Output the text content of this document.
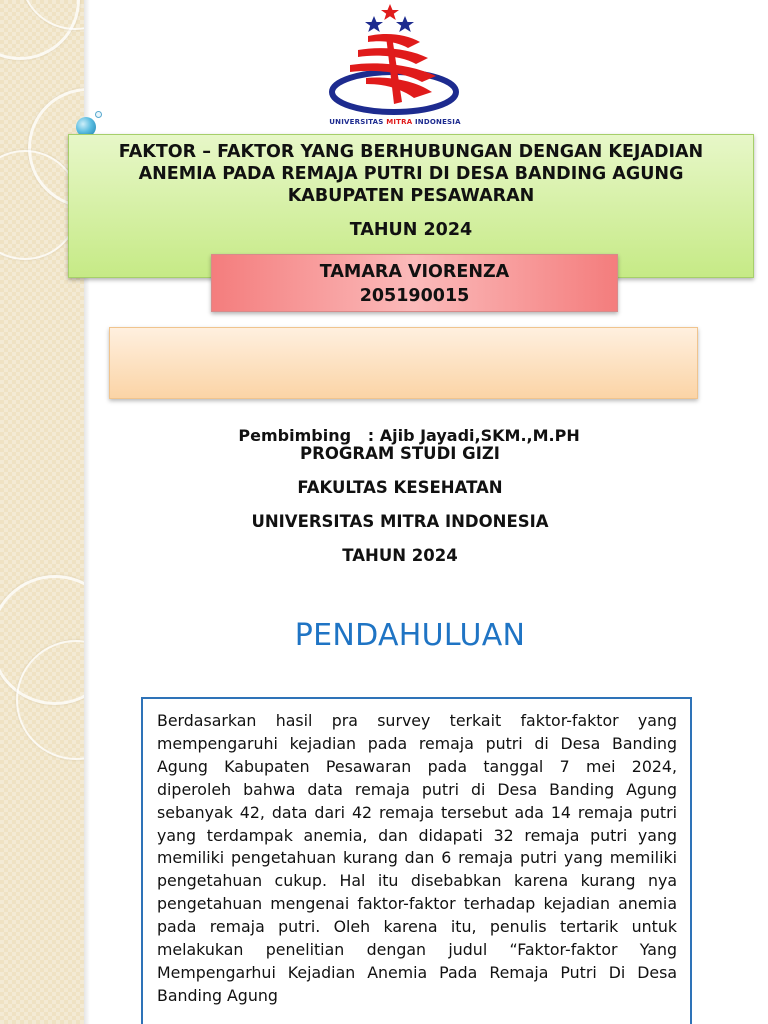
UNIVERSITAS MITRA INDONESIA
FAKTOR – FAKTOR YANG BERHUBUNGAN DENGAN KEJADIAN
ANEMIA PADA REMAJA PUTRI DI DESA BANDING AGUNG
KABUPATEN PESAWARAN
TAHUN 2024
TAMARA VIORENZA
205190015

Pembimbing   : Ajib Jayadi,SKM.,M.PH

PROGRAM STUDI GIZI
FAKULTAS KESEHATAN
UNIVERSITAS MITRA INDONESIA
TAHUN 2024
PENDAHULUAN

Berdasarkan hasil pra survey terkait faktor-faktor yang mempengaruhi kejadian pada remaja putri di Desa Banding Agung Kabupaten Pesawaran pada tanggal 7 mei 2024, diperoleh bahwa data remaja putri di Desa Banding Agung sebanyak 42, data dari 42 remaja tersebut ada 14 remaja putri yang terdampak anemia, dan didapati 32 remaja putri yang memiliki pengetahuan kurang dan 6 remaja putri yang memiliki pengetahuan cukup. Hal itu disebabkan karena kurang nya pengetahuan mengenai faktor-faktor terhadap kejadian anemia pada remaja putri. Oleh karena itu, penulis tertarik untuk melakukan penelitian dengan judul “Faktor-faktor Yang Mempengarhui Kejadian Anemia Pada Remaja Putri Di Desa Banding Agung
